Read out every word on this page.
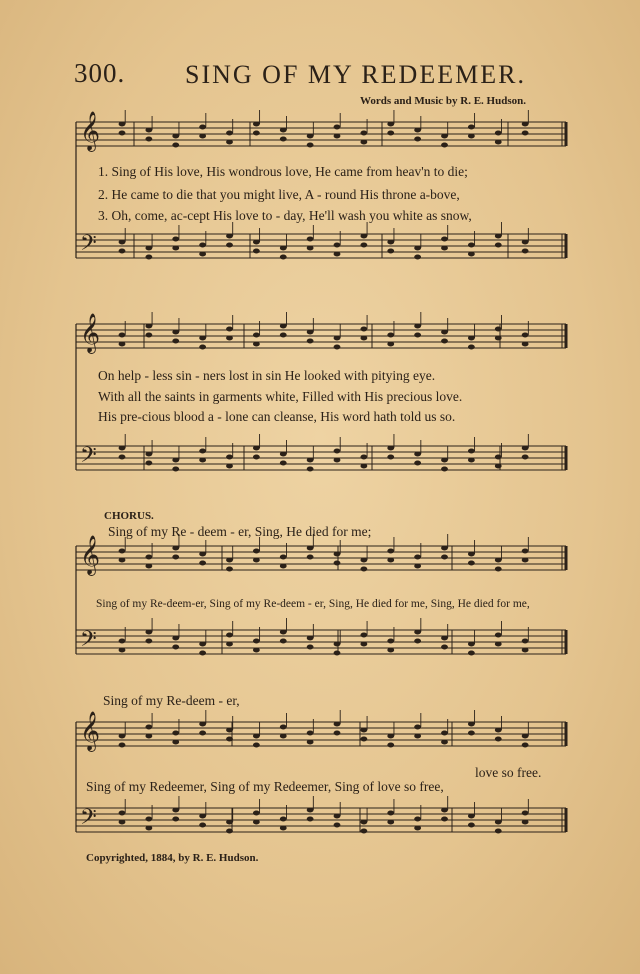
𝄞
𝄢
𝄞
𝄢
𝄞
𝄢
𝄞
𝄢
300. SING OF MY REDEEMER.
Words and Music by R. E. Hudson.
1. Sing of His love, His wondrous love, He came from heav'n to die;
2. He came to die that you might live, A - round His throne a-bove,
3. Oh, come, ac-cept His love to - day, He'll wash you white as snow,
On help - less sin - ners lost in sin He looked with pitying eye.
With all the saints in garments white, Filled with His precious love.
His pre-cious blood a - lone can cleanse, His word hath told us so.
CHORUS.
Sing of my Re - deem - er, Sing, He died for me;
Sing of my Re-deem-er, Sing of my Re-deem - er, Sing, He died for me, Sing, He died for me,
Sing of my Re-deem - er,
love so free.
Sing of my Redeemer, Sing of my Redeemer, Sing of love so free,
Copyrighted, 1884, by R. E. Hudson.
